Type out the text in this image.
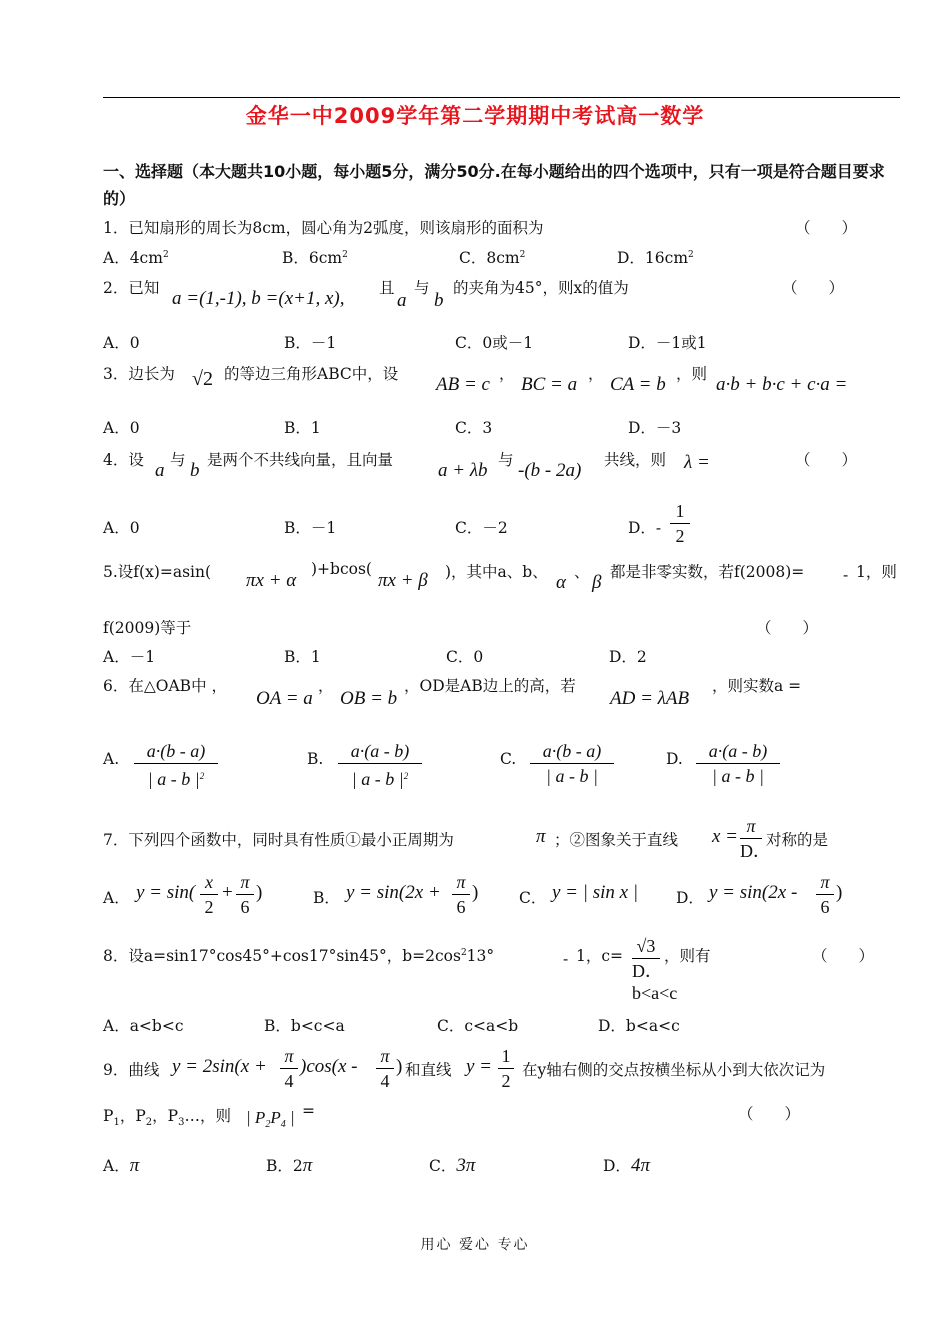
金华一中2009学年第二学期期中考试高一数学
一、选择题（本大题共10小题，每小题5分，满分50分.在每小题给出的四个选项中，只有一项是符合题目要求的）
1．已知扇形的周长为8cm，圆心角为2弧度，则该扇形的面积为	（　　）
A．$4cm^2$	B．$6cm^2$	C．$8cm^2$	D．$16cm^2$
2．已知 a =(1,-1), b =(x+1, x), 且
a
与
b
的夹角为45°，则x的值为	（　　）
A．0	B．－1	C．0或－1	D．－1或1
3．边长为 √2 的等边三角形ABC中，设 AB = c ， BC = a ， CA = b ，则 a·b + b·c + c·a =
A．0	B．1	C．3	D．－3
4．设 a 与 b 是两个不共线向量，且向量 a + λb 与 -(b - 2a) 共线，则 λ =	（　　）
A．0	B．－1	C．－2	D．-
1
2
5.设f(x)=asin( πx + α
)+bcos(
πx + β )，其中a、b、 α 、 β 都是非零实数，若f(2008)= - 1，则
f(2009)等于	（　　）
A．－1	B．1	C．0	D．2
6．在△OAB中 ，
OA = a
，
OB = b
，OD是AB边上的高，若
AD = λAB
，则实数a =
A.	a·(b - a)
| a - b $|^2$
B.	a·(a - b)
| a - b $|^2$
C.	a·(b - a)
| a - b |
D.	a·(a - b)
| a - b |
7．下列四个函数中，同时具有性质①最小正周期为	π ；②图象关于直线 x = π
D．
对称的是
A． y = sin( x
2
+ π
6
)	B． y = sin(2x + π
6
)	C． y = | sin x | D． y = sin(2x - π
6
)
8．设a=sin17°cos45°+cos17°sin45°，$b=2\cos^213^\circ$	- 1，c= √3
D．b<a<c
，则有	（　　）
A．a<b<c	B．b<c<a	C．c<a<b	D．b<a<c
9．曲线 y = 2sin(x + π
4
)cos(x - π
4
) 和直线 y = 1
2
在y轴右侧的交点按横坐标从小到大依次记为
$P_1$，$P_2$，$P_3\dots$，则 | $P_2P_4$ | =	（　　）
A．π	B．2π	C．3π	D．4π
用心 爱心 专心
